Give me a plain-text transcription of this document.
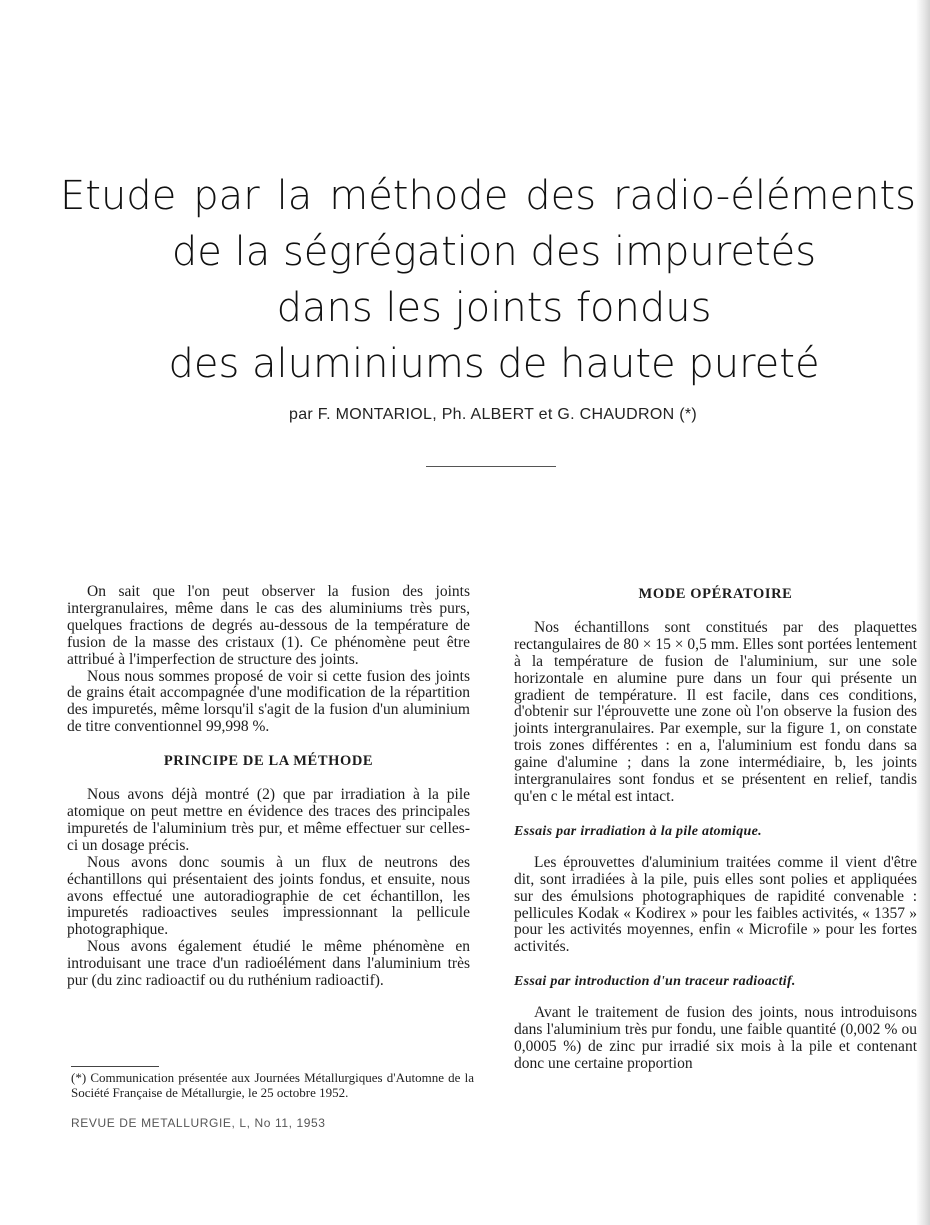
Etude par la méthode des radio-éléments
de la ségrégation des impuretés
dans les joints fondus
des aluminiums de haute pureté
par F. MONTARIOL, Ph. ALBERT et G. CHAUDRON (*)

On sait que l'on peut observer la fusion des joints intergranulaires, même dans le cas des aluminiums très purs, quelques fractions de degrés au-dessous de la température de fusion de la masse des cristaux (1). Ce phénomène peut être attribué à l'imperfection de structure des joints.

Nous nous sommes proposé de voir si cette fusion des joints de grains était accompagnée d'une modification de la répartition des impuretés, même lorsqu'il s'agit de la fusion d'un aluminium de titre conventionnel 99,998 %.

PRINCIPE DE LA MÉTHODE

Nous avons déjà montré (2) que par irradiation à la pile atomique on peut mettre en évidence des traces des principales impuretés de l'aluminium très pur, et même effectuer sur celles-ci un dosage précis.

Nous avons donc soumis à un flux de neutrons des échantillons qui présentaient des joints fondus, et ensuite, nous avons effectué une autoradiographie de cet échantillon, les impuretés radioactives seules impressionnant la pellicule photographique.

Nous avons également étudié le même phénomène en introduisant une trace d'un radioélément dans l'aluminium très pur (du zinc radioactif ou du ruthénium radioactif).

MODE OPÉRATOIRE

Nos échantillons sont constitués par des plaquettes rectangulaires de 80 × 15 × 0,5 mm. Elles sont portées lentement à la température de fusion de l'aluminium, sur une sole horizontale en alumine pure dans un four qui présente un gradient de température. Il est facile, dans ces conditions, d'obtenir sur l'éprouvette une zone où l'on observe la fusion des joints intergranulaires. Par exemple, sur la figure 1, on constate trois zones différentes : en a, l'aluminium est fondu dans sa gaine d'alumine ; dans la zone intermédiaire, b, les joints intergranulaires sont fondus et se présentent en relief, tandis qu'en c le métal est intact.

Essais par irradiation à la pile atomique.

Les éprouvettes d'aluminium traitées comme il vient d'être dit, sont irradiées à la pile, puis elles sont polies et appliquées sur des émulsions photographiques de rapidité convenable : pellicules Kodak « Kodirex » pour les faibles activités, « 1357 » pour les activités moyennes, enfin « Microfile » pour les fortes activités.

Essai par introduction d'un traceur radioactif.

Avant le traitement de fusion des joints, nous introduisons dans l'aluminium très pur fondu, une faible quantité (0,002 % ou 0,0005 %) de zinc pur irradié six mois à la pile et contenant donc une certaine proportion

(*) Communication présentée aux Journées Métallurgiques d'Automne de la Société Française de Métallurgie, le 25 octobre 1952.
REVUE DE METALLURGIE, L, No 11, 1953
